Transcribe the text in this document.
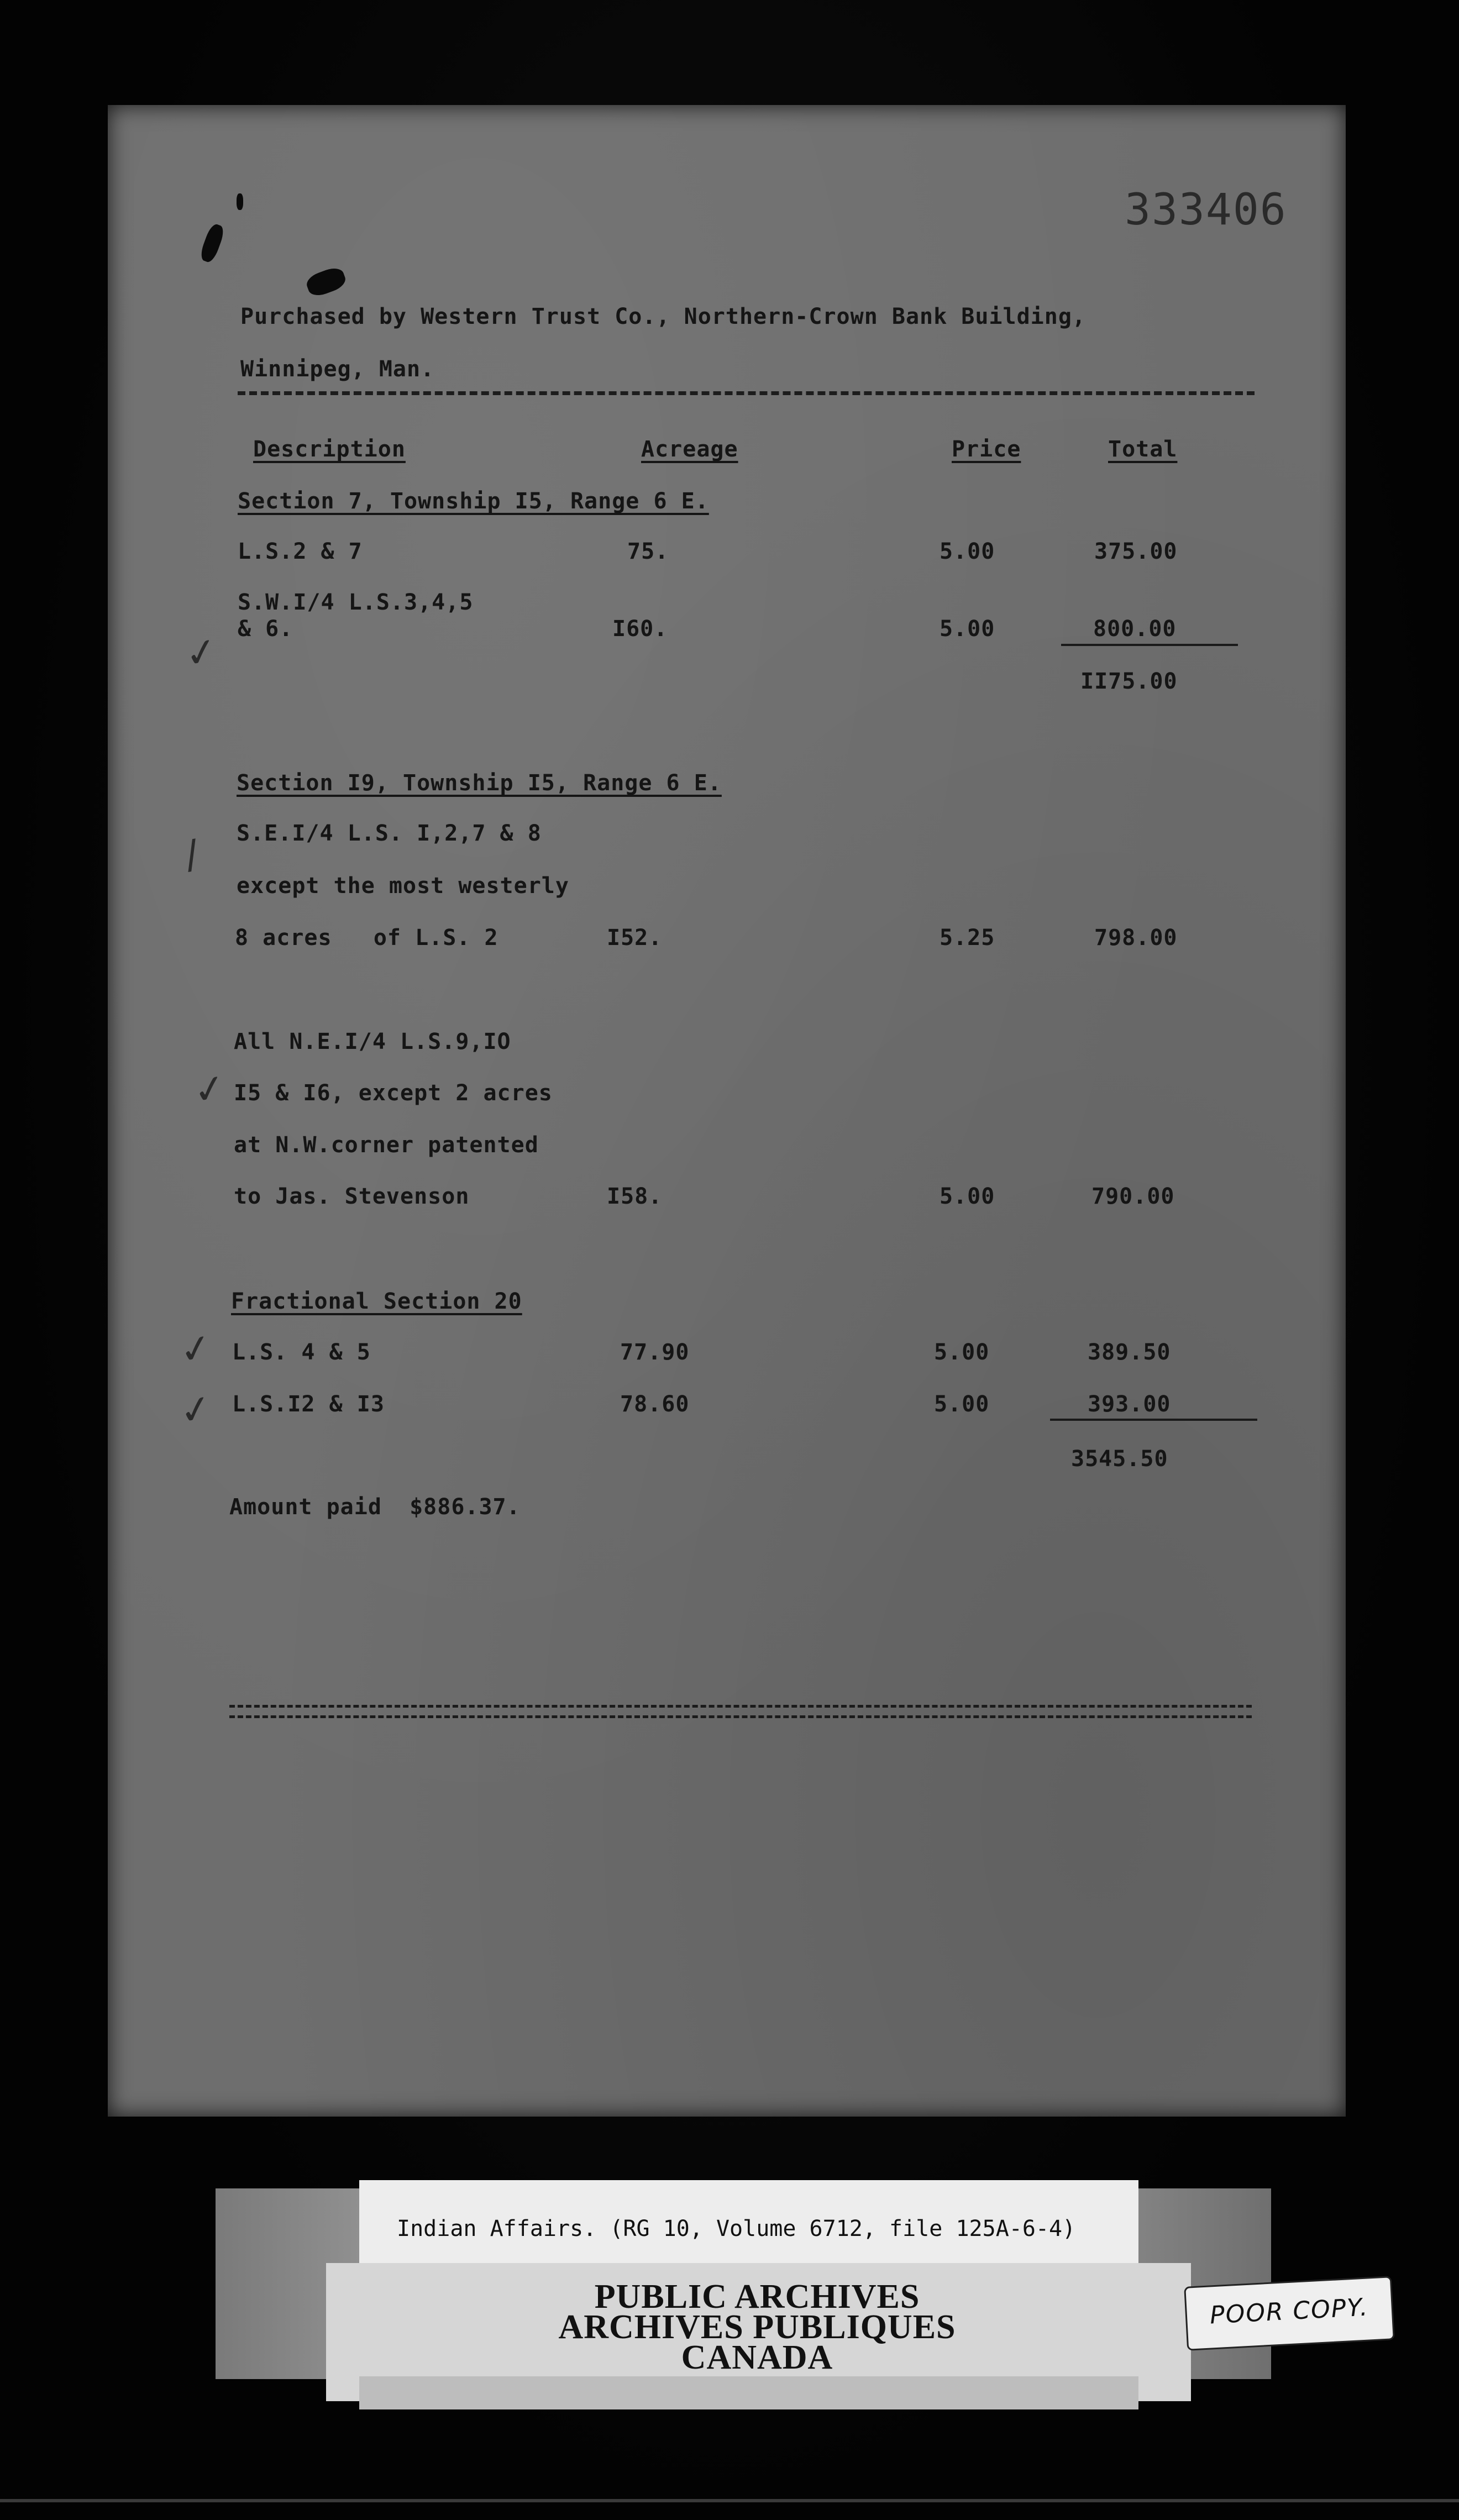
333406
Purchased by Western Trust Co., Northern-Crown Bank Building,
Winnipeg, Man.
Description	Acreage	Price	Total
Section 7, Township I5, Range 6 E.
L.S.2 & 7	75.	5.00	375.00
S.W.I/4 L.S.3,4,5
& 6.	I60.	5.00	800.00
II75.00
Section I9, Township I5, Range 6 E.
S.E.I/4 L.S. I,2,7 & 8
except the most westerly
8 acres   of L.S. 2	I52.	5.25	798.00
All N.E.I/4 L.S.9,IO
I5 & I6, except 2 acres
at N.W.corner patented
to Jas. Stevenson	I58.	5.00	790.00
Fractional Section 20
L.S. 4 & 5	77.90	5.00	389.50
L.S.I2 & I3	78.60	5.00	393.00
3545.50
Amount paid  $886.37.
✓
/
✓
✓
✓
Indian Affairs. (RG 10, Volume 6712, file 125A-6-4)
PUBLIC ARCHIVES
ARCHIVES PUBLIQUES
CANADA
POOR COPY.
